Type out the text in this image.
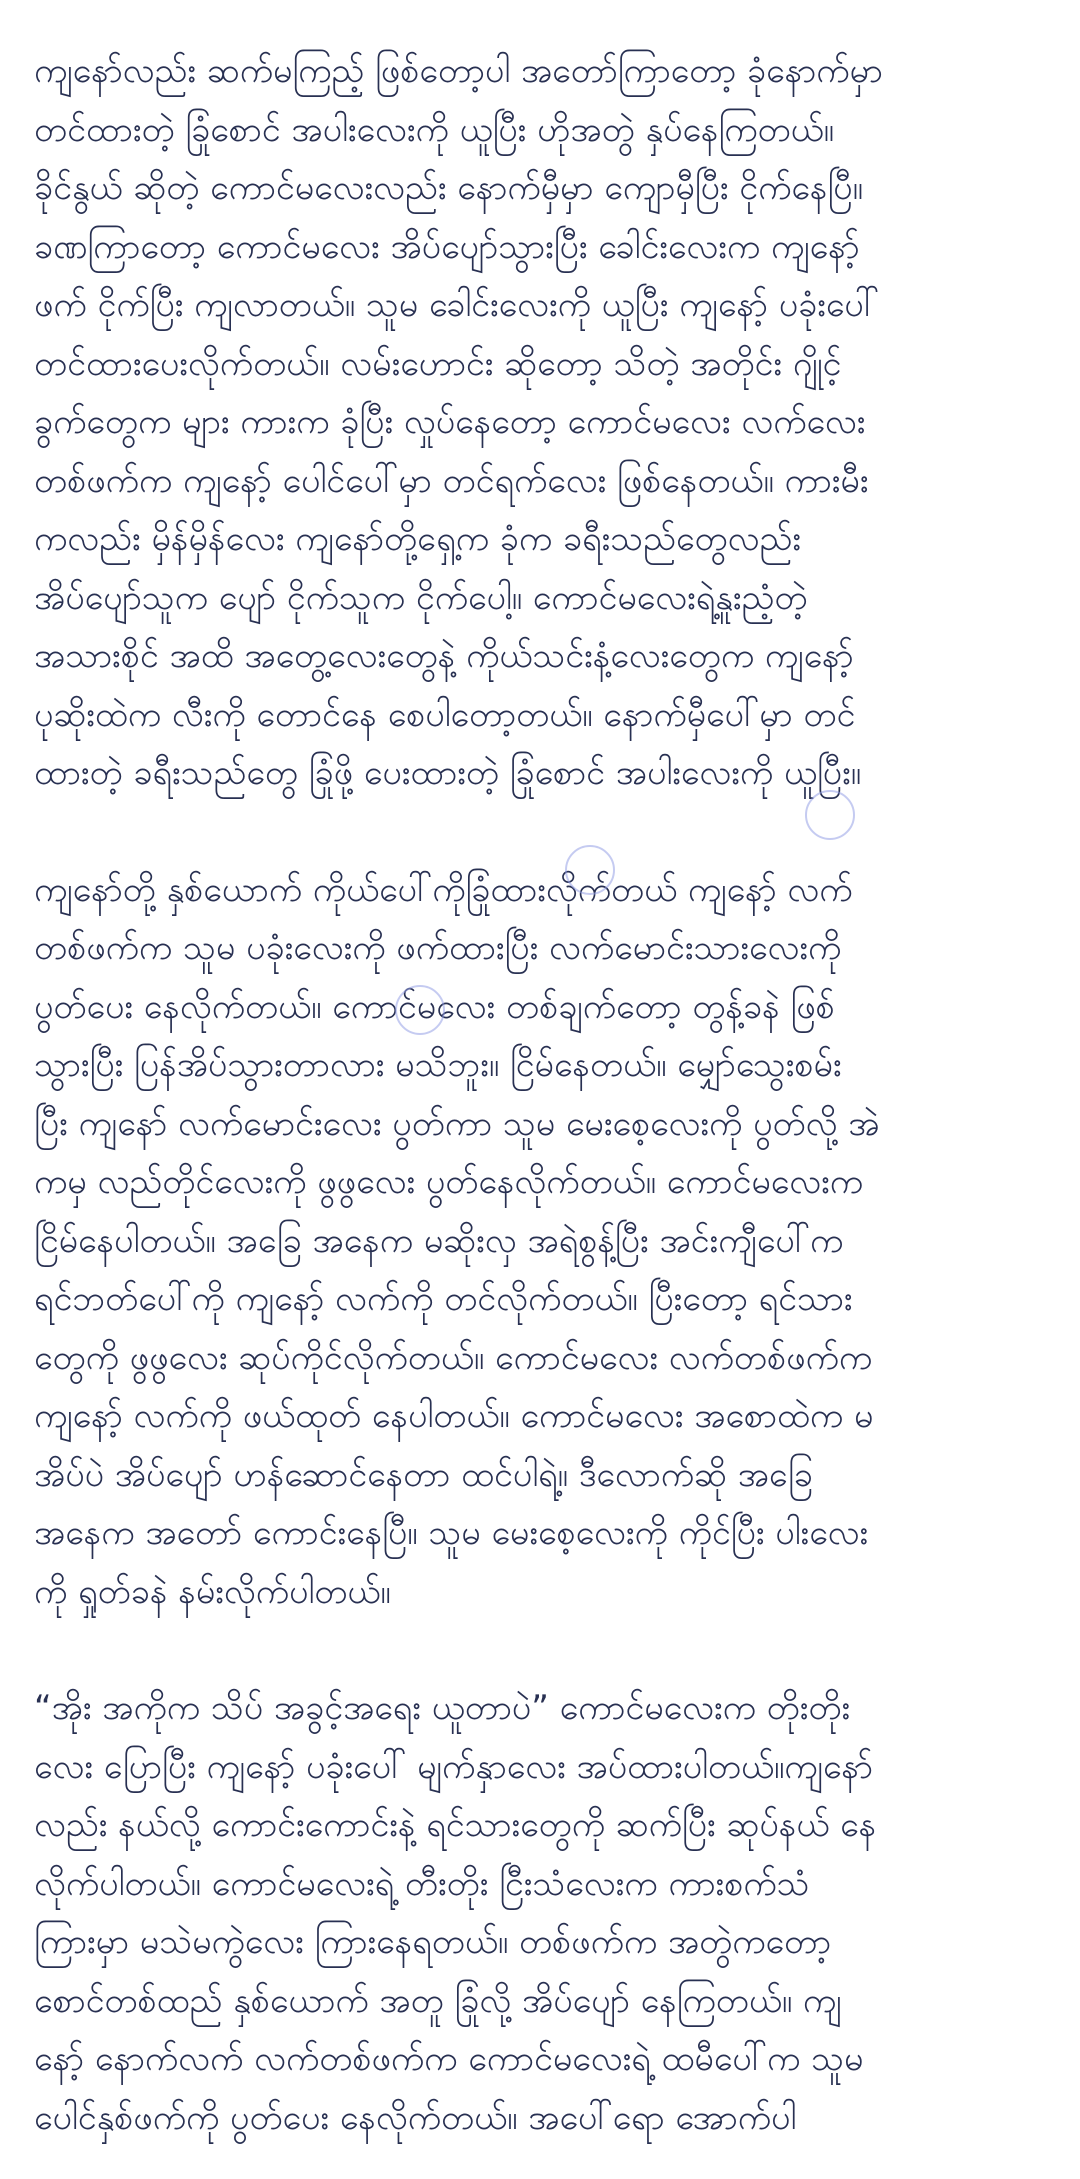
ကျနော်လည်း ဆက်မကြည့် ဖြစ်တော့ပါ အတော်ကြာတော့ ခုံနောက်မှာ
တင်ထားတဲ့ ခြုံစောင် အပါးလေးကို ယူပြီး ဟိုအတွဲ နှပ်နေကြတယ်။
ခိုင်နွယ် ဆိုတဲ့ ကောင်မလေးလည်း နောက်မှီမှာ ကျောမှီပြီး ငိုက်နေပြီ။
ခဏကြာတော့ ကောင်မလေး အိပ်ပျော်သွားပြီး ခေါင်းလေးက ကျနော့်
ဖက် ငိုက်ပြီး ကျလာတယ်။ သူမ ခေါင်းလေးကို ယူပြီး ကျနော့် ပခုံးပေါ်
တင်ထားပေးလိုက်တယ်။ လမ်းဟောင်း ဆိုတော့ သိတဲ့ အတိုင်း ဂျိုင့်
ခွက်တွေက များ ကားက ခုံပြီး လှုပ်နေတော့ ကောင်မလေး လက်လေး
တစ်ဖက်က ကျနော့် ပေါင်ပေါ်မှာ တင်ရက်လေး ဖြစ်နေတယ်။ ကားမီး
ကလည်း မှိန်မှိန်လေး ကျနော်တို့ရှေ့က ခုံက ခရီးသည်တွေလည်း
အိပ်ပျော်သူက ပျော် ငိုက်သူက ငိုက်ပေါ့။ ကောင်မလေးရဲ့နူးညံ့တဲ့
အသားစိုင် အထိ အတွေ့လေးတွေနဲ့ ကိုယ်သင်းနံ့လေးတွေက ကျနော့်
ပုဆိုးထဲက လီးကို တောင်နေ စေပါတော့တယ်။ နောက်မှီပေါ်မှာ တင်
ထားတဲ့ ခရီးသည်တွေ ခြုံဖို့ ပေးထားတဲ့ ခြုံစောင် အပါးလေးကို ယူပြီး။

ကျနော်တို့ နှစ်ယောက် ကိုယ်ပေါ်ကိုခြုံထားလိုက်တယ် ကျနော့် လက်
တစ်ဖက်က သူမ ပခုံးလေးကို ဖက်ထားပြီး လက်မောင်းသားလေးကို
ပွတ်ပေး နေလိုက်တယ်။ ကောင်မလေး တစ်ချက်တော့ တွန့်ခနဲ ဖြစ်
သွားပြီး ပြန်အိပ်သွားတာလား မသိဘူး။ ငြိမ်နေတယ်။ မျှော်သွေးစမ်း
ပြီး ကျနော် လက်မောင်းလေး ပွတ်ကာ သူမ မေးစေ့လေးကို ပွတ်လို့ အဲ
ကမှ လည်တိုင်လေးကို ဖွဖွလေး ပွတ်နေလိုက်တယ်။ ကောင်မလေးက
ငြိမ်နေပါတယ်။ အခြေ အနေက မဆိုးလှ အရဲစွန့်ပြီး အင်းကျီပေါ်က
ရင်ဘတ်ပေါ်ကို ကျနော့် လက်ကို တင်လိုက်တယ်။ ပြီးတော့ ရင်သား
တွေကို ဖွဖွလေး ဆုပ်ကိုင်လိုက်တယ်။ ကောင်မလေး လက်တစ်ဖက်က
ကျနော့် လက်ကို ဖယ်ထုတ် နေပါတယ်။ ကောင်မလေး အစောထဲက မ
အိပ်ပဲ အိပ်ပျော် ဟန်ဆောင်နေတာ ထင်ပါရဲ့။ ဒီလောက်ဆို အခြေ
အနေက အတော် ကောင်းနေပြီ။ သူမ မေးစေ့လေးကို ကိုင်ပြီး ပါးလေး
ကို ရှုတ်ခနဲ နမ်းလိုက်ပါတယ်။

“အိုး အကိုက သိပ် အခွင့်အရေး ယူတာပဲ” ကောင်မလေးက တိုးတိုး
လေး ပြောပြီး ကျနော့် ပခုံးပေါ် မျက်နှာလေး အပ်ထားပါတယ်။ကျနော်
လည်း နယ်လို့ ကောင်းကောင်းနဲ့ ရင်သားတွေကို ဆက်ပြီး ဆုပ်နယ် နေ
လိုက်ပါတယ်။ ကောင်မလေးရဲ့ တီးတိုး ငြီးသံလေးက ကားစက်သံ
ကြားမှာ မသဲမကွဲလေး ကြားနေရတယ်။ တစ်ဖက်က အတွဲကတော့
စောင်တစ်ထည် နှစ်ယောက် အတူ ခြုံလို့ အိပ်ပျော် နေကြတယ်။ ကျ
နော့် နောက်လက် လက်တစ်ဖက်က ကောင်မလေးရဲ့ ထမီပေါ်က သူမ
ပေါင်နှစ်ဖက်ကို ပွတ်ပေး နေလိုက်တယ်။ အပေါ်ရော အောက်ပါ
